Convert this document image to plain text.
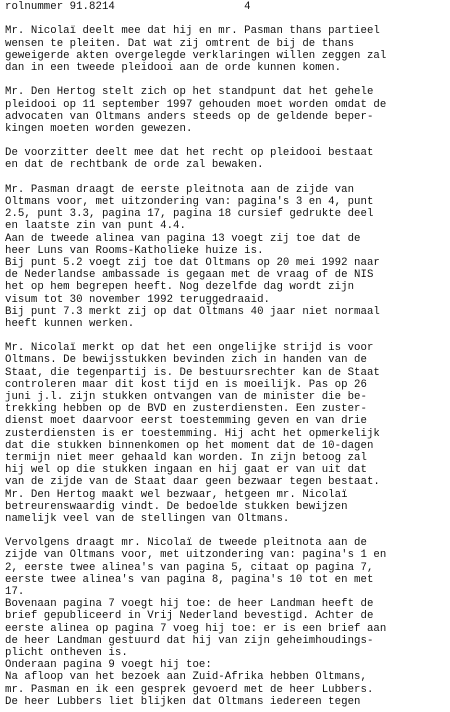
rolnummer 91.8214	4
Mr. Nicolaï deelt mee dat hij en mr. Pasman thans partieel
wensen te pleiten. Dat wat zij omtrent de bij de thans
geweigerde akten overgelegde verklaringen willen zeggen zal
dan in een tweede pleidooi aan de orde kunnen komen.
Mr. Den Hertog stelt zich op het standpunt dat het gehele
pleidooi op 11 september 1997 gehouden moet worden omdat de
advocaten van Oltmans anders steeds op de geldende beper-
kingen moeten worden gewezen.
De voorzitter deelt mee dat het recht op pleidooi bestaat
en dat de rechtbank de orde zal bewaken.
Mr. Pasman draagt de eerste pleitnota aan de zijde van
Oltmans voor, met uitzondering van: pagina's 3 en 4, punt
2.5, punt 3.3, pagina 17, pagina 18 cursief gedrukte deel
en laatste zin van punt 4.4.
Aan de tweede alinea van pagina 13 voegt zij toe dat de
heer Luns van Rooms-Katholieke huize is.
Bij punt 5.2 voegt zij toe dat Oltmans op 20 mei 1992 naar
de Nederlandse ambassade is gegaan met de vraag of de NIS
het op hem begrepen heeft. Nog dezelfde dag wordt zijn
visum tot 30 november 1992 teruggedraaid.
Bij punt 7.3 merkt zij op dat Oltmans 40 jaar niet normaal
heeft kunnen werken.
Mr. Nicolaï merkt op dat het een ongelijke strijd is voor
Oltmans. De bewijsstukken bevinden zich in handen van de
Staat, die tegenpartij is. De bestuursrechter kan de Staat
controleren maar dit kost tijd en is moeilijk. Pas op 26
juni j.l. zijn stukken ontvangen van de minister die be-
trekking hebben op de BVD en zusterdiensten. Een zuster-
dienst moet daarvoor eerst toestemming geven en van drie
zusterdiensten is er toestemming. Hij acht het opmerkelijk
dat die stukken binnenkomen op het moment dat de 10-dagen
termijn niet meer gehaald kan worden. In zijn betoog zal
hij wel op die stukken ingaan en hij gaat er van uit dat
van de zijde van de Staat daar geen bezwaar tegen bestaat.
Mr. Den Hertog maakt wel bezwaar, hetgeen mr. Nicolaï
betreurenswaardig vindt. De bedoelde stukken bewijzen
namelijk veel van de stellingen van Oltmans.
Vervolgens draagt mr. Nicolaï de tweede pleitnota aan de
zijde van Oltmans voor, met uitzondering van: pagina's 1 en
2, eerste twee alinea's van pagina 5, citaat op pagina 7,
eerste twee alinea's van pagina 8, pagina's 10 tot en met
17.
Bovenaan pagina 7 voegt hij toe: de heer Landman heeft de
brief gepubliceerd in Vrij Nederland bevestigd. Achter de
eerste alinea op pagina 7 voeg hij toe: er is een brief aan
de heer Landman gestuurd dat hij van zijn geheimhoudings-
plicht ontheven is.
Onderaan pagina 9 voegt hij toe:
Na afloop van het bezoek aan Zuid-Afrika hebben Oltmans,
mr. Pasman en ik een gesprek gevoerd met de heer Lubbers.
De heer Lubbers liet blijken dat Oltmans iedereen tegen
